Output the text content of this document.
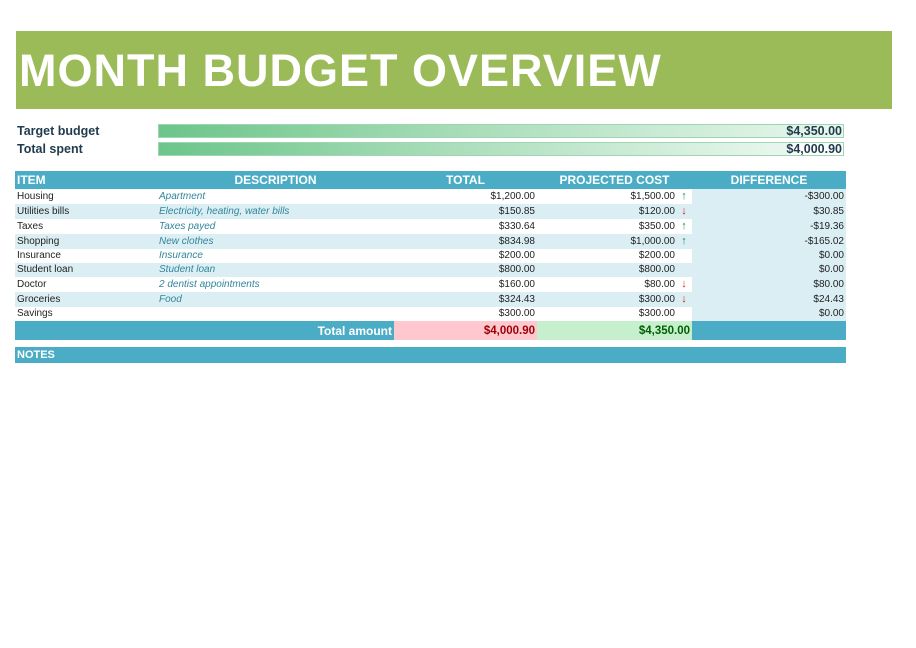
MONTH BUDGET OVERVIEW
Target budget	$4,350.00
Total spent	$4,000.90
ITEM	DESCRIPTION	TOTAL	PROJECTED COST	DIFFERENCE
Housing	Apartment	$1,200.00	$1,500.00 ↑	-$300.00
Utilities bills	Electricity, heating, water bills	$150.85	$120.00 ↓	$30.85
Taxes	Taxes payed	$330.64	$350.00 ↑	-$19.36
Shopping	New clothes	$834.98	$1,000.00 ↑	-$165.02
Insurance	Insurance	$200.00	$200.00	$0.00
Student loan	Student loan	$800.00	$800.00	$0.00
Doctor	2 dentist appointments	$160.00	$80.00 ↓	$80.00
Groceries	Food	$324.43	$300.00 ↓	$24.43
Savings		$300.00	$300.00	$0.00
	Total amount	$4,000.90	$4,350.00	
NOTES
